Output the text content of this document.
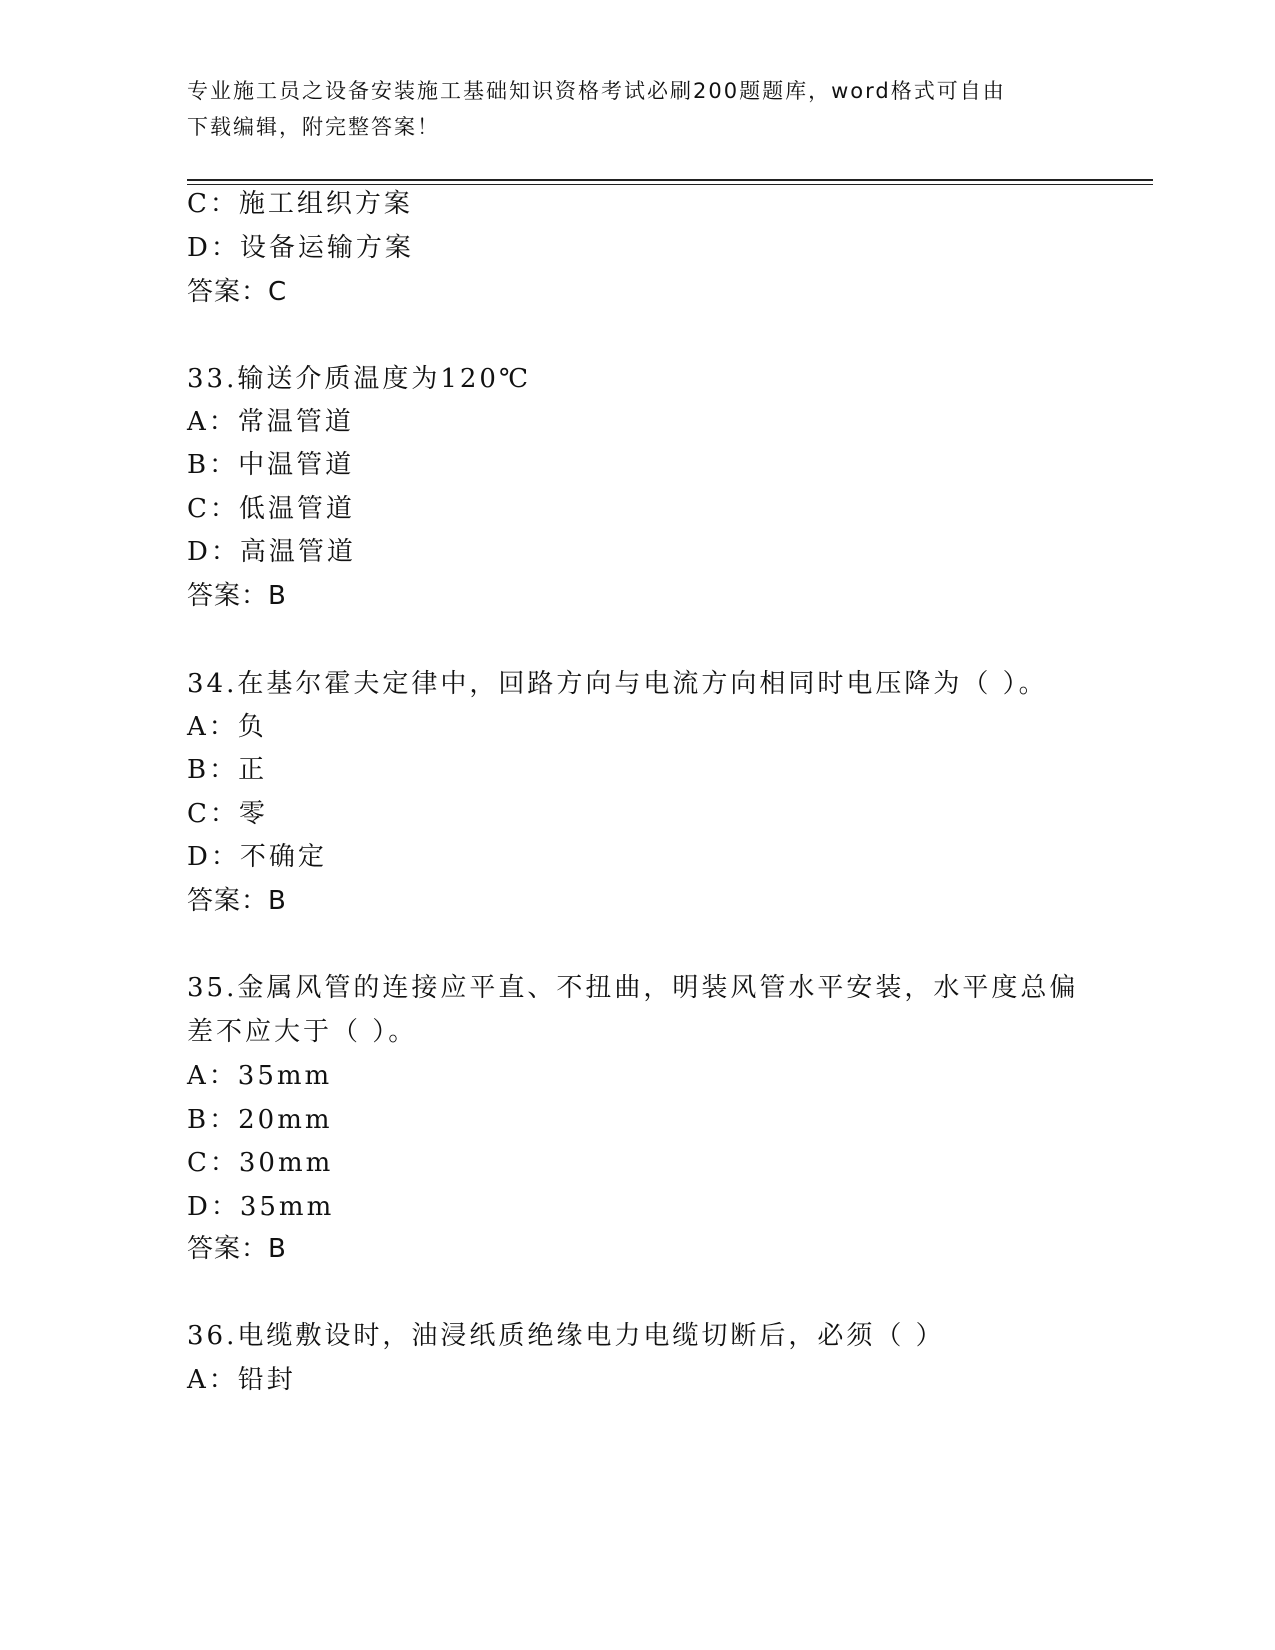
专业施工员之设备安装施工基础知识资格考试必刷200题题库，word格式可自由
下载编辑，附完整答案！
C：施工组织方案
D：设备运输方案
答案：C
33.输送介质温度为120℃
A：常温管道
B：中温管道
C：低温管道
D：高温管道
答案：B
34.在基尔霍夫定律中，回路方向与电流方向相同时电压降为（ ）。
A：负
B：正
C：零
D：不确定
答案：B
35.金属风管的连接应平直、不扭曲，明装风管水平安装，水平度总偏
差不应大于（ ）。
A：35mm
B：20mm
C：30mm
D：35mm
答案：B
36.电缆敷设时，油浸纸质绝缘电力电缆切断后，必须（ ）
A：铅封
